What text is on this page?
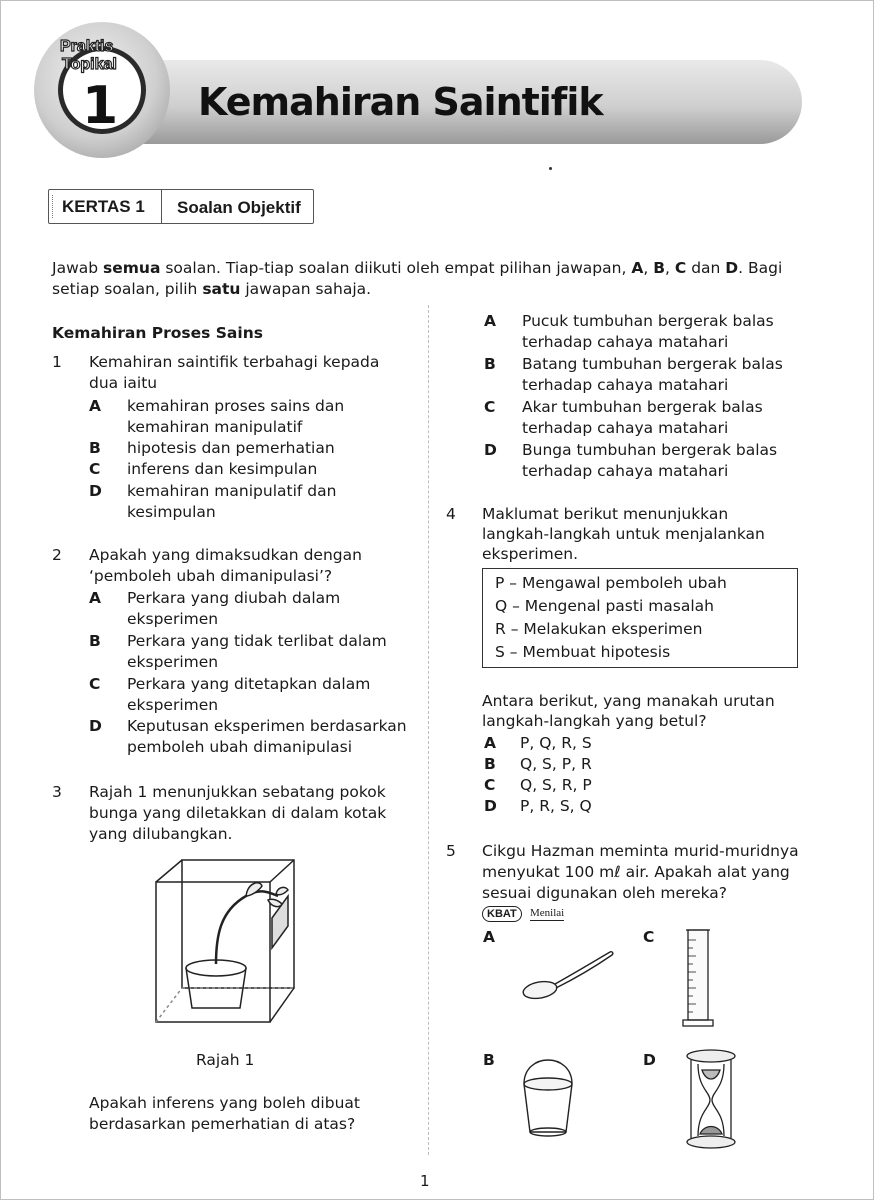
Praktis
Topikal
1 Kemahiran Saintifik
KERTAS 1 Soalan Objektif
Jawab semua soalan. Tiap-tiap soalan diikuti oleh empat pilihan jawapan, A, B, C dan D. Bagi
setiap soalan, pilih satu jawapan sahaja.
Kemahiran Proses Sains
1 Kemahiran saintifik terbahagi kepada
dua iaitu
A kemahiran proses sains dan
kemahiran manipulatif
B hipotesis dan pemerhatian
C inferens dan kesimpulan
D kemahiran manipulatif dan
kesimpulan
2 Apakah yang dimaksudkan dengan
‘pemboleh ubah dimanipulasi’?
A Perkara yang diubah dalam
eksperimen
B Perkara yang tidak terlibat dalam
eksperimen
C Perkara yang ditetapkan dalam
eksperimen
D Keputusan eksperimen berdasarkan
pemboleh ubah dimanipulasi
3 Rajah 1 menunjukkan sebatang pokok
bunga yang diletakkan di dalam kotak
yang dilubangkan.
Rajah 1
Apakah inferens yang boleh dibuat
berdasarkan pemerhatian di atas?
A Pucuk tumbuhan bergerak balas
terhadap cahaya matahari
B Batang tumbuhan bergerak balas
terhadap cahaya matahari
C Akar tumbuhan bergerak balas
terhadap cahaya matahari
D Bunga tumbuhan bergerak balas
terhadap cahaya matahari
4 Maklumat berikut menunjukkan
langkah-langkah untuk menjalankan
eksperimen.
P – Mengawal pemboleh ubah
Q – Mengenal pasti masalah
R – Melakukan eksperimen
S – Membuat hipotesis
Antara berikut, yang manakah urutan
langkah-langkah yang betul?
A P, Q, R, S
B Q, S, P, R
C Q, S, R, P
D P, R, S, Q
5 Cikgu Hazman meminta murid-muridnya
menyukat 100 mℓ air. Apakah alat yang
sesuai digunakan oleh mereka?
KBAT	Menilai
A	C
B	D
1
